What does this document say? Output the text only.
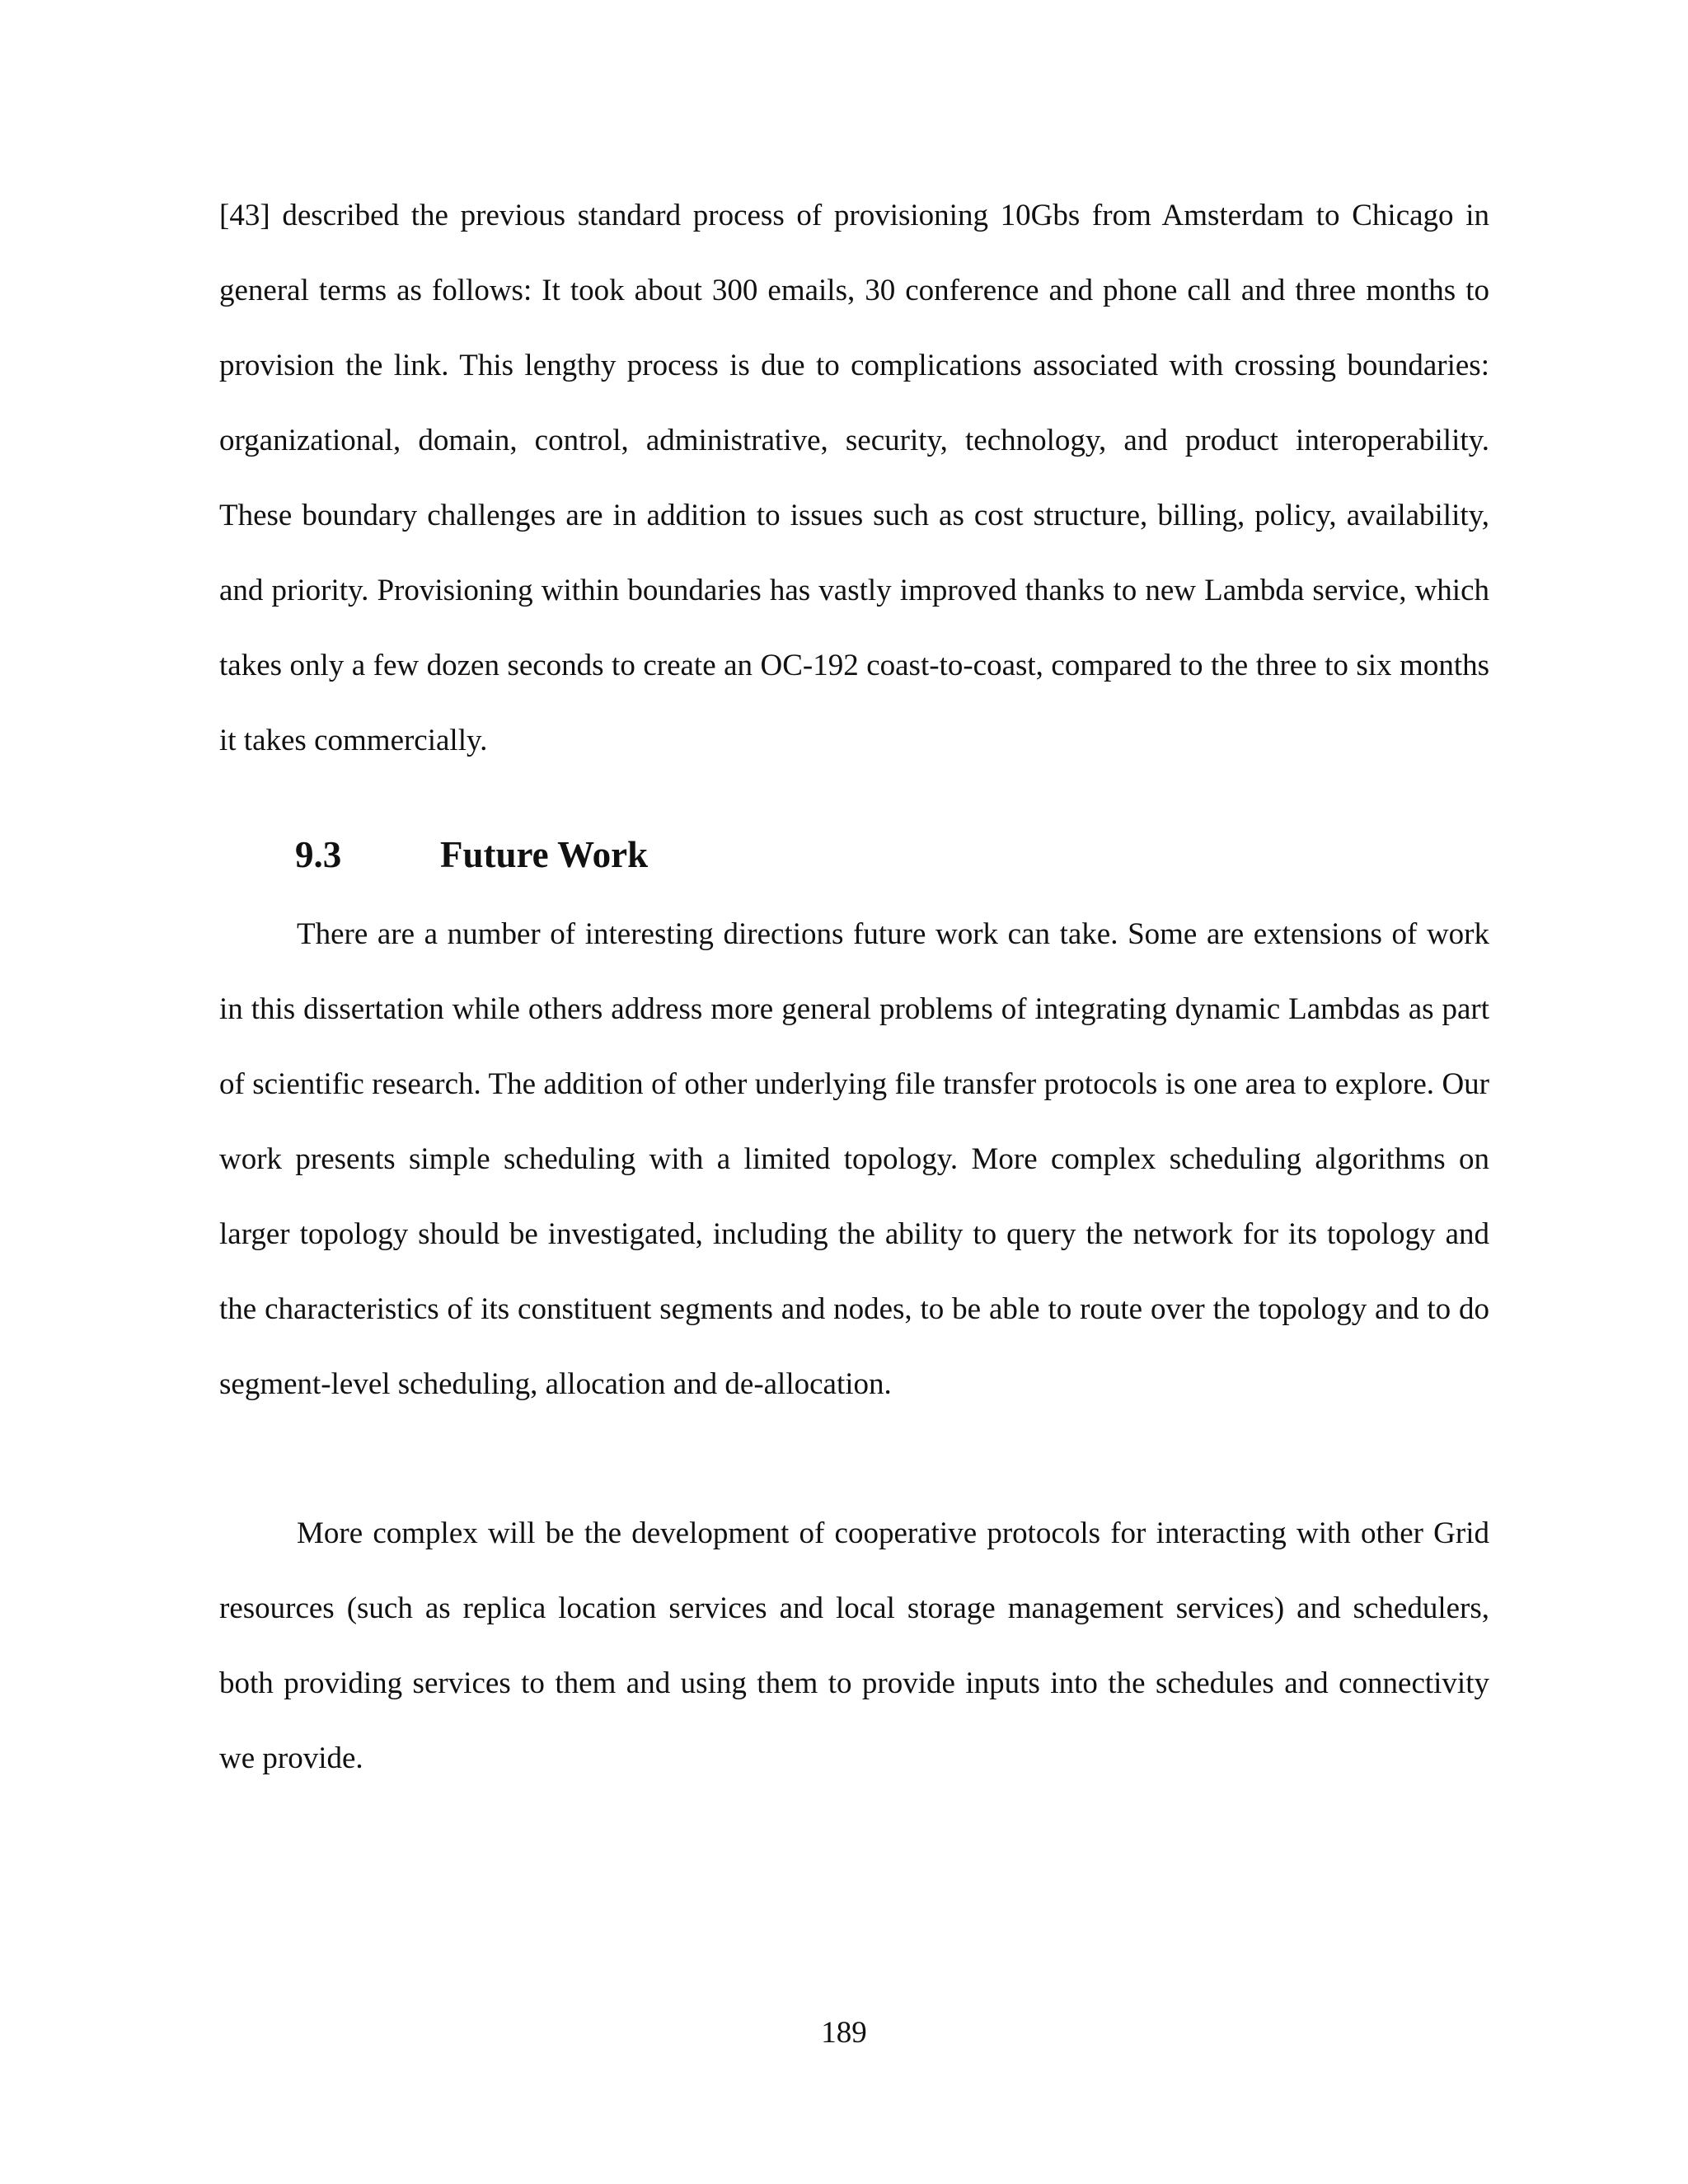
[43] described the previous standard process of provisioning 10Gbs from Amsterdam to Chicago in general terms as follows: It took about 300 emails, 30 conference and phone call and three months to provision the link. This lengthy process is due to complications associated with crossing boundaries: organizational, domain, control, administrative, security, technology, and product interoperability. These boundary challenges are in addition to issues such as cost structure, billing, policy, availability, and priority. Provisioning within boundaries has vastly improved thanks to new Lambda service, which takes only a few dozen seconds to create an OC-192 coast-to-coast, compared to the three to six months it takes commercially.

9.3	Future Work

There are a number of interesting directions future work can take. Some are extensions of work in this dissertation while others address more general problems of integrating dynamic Lambdas as part of scientific research. The addition of other underlying file transfer protocols is one area to explore. Our work presents simple scheduling with a limited topology. More complex scheduling algorithms on larger topology should be investigated, including the ability to query the network for its topology and the characteristics of its constituent segments and nodes, to be able to route over the topology and to do segment-level scheduling, allocation and de-allocation.

More complex will be the development of cooperative protocols for interacting with other Grid resources (such as replica location services and local storage management services) and schedulers, both providing services to them and using them to provide inputs into the schedules and connectivity we provide.

189
